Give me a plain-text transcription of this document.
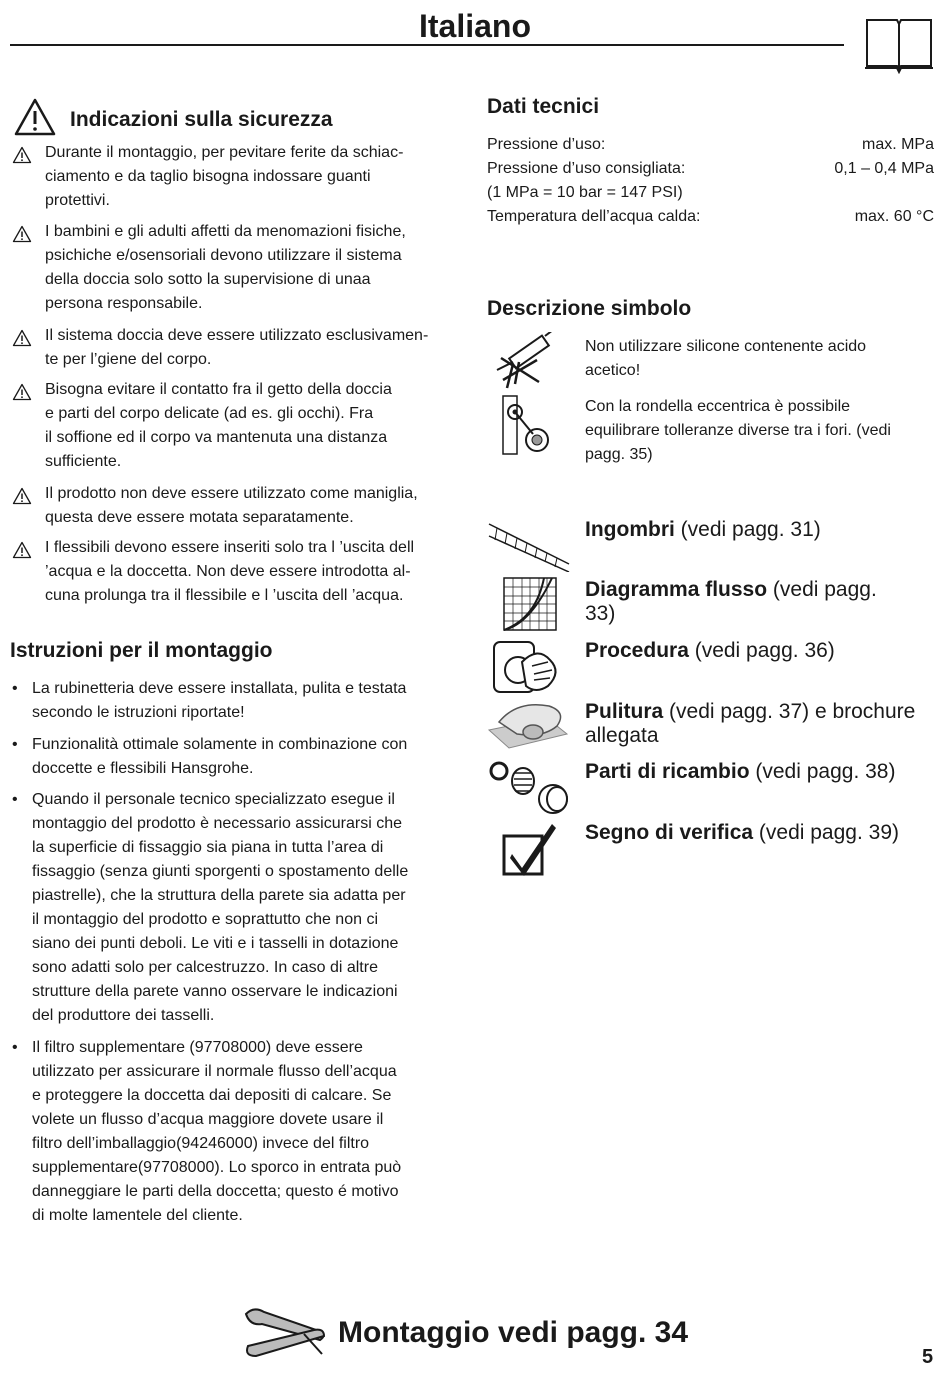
Italiano
Indicazioni sulla sicurezza
Durante il montaggio, per pevitare ferite da schiac-
ciamento e da taglio bisogna indossare guanti
protettivi.
I bambini e gli adulti affetti da menomazioni fisiche,
psichiche e/osensoriali devono utilizzare il sistema
della doccia solo sotto la supervisione di unaa
persona responsabile.
Il sistema doccia deve essere utilizzato esclusivamen-
te per l’giene del corpo.
Bisogna evitare il contatto fra il getto della doccia
e parti del corpo delicate (ad es. gli occhi). Fra
il soffione ed il corpo va mantenuta una distanza
sufficiente.
Il prodotto non deve essere utilizzato come maniglia,
questa deve essere motata separatamente.
I flessibili devono essere inseriti solo tra l ’uscita dell
’acqua e la doccetta. Non deve essere introdotta al-
cuna prolunga tra il flessibile e l ’uscita dell ’acqua.
Istruzioni per il montaggio
• La rubinetteria deve essere installata, pulita e testata
secondo le istruzioni riportate!
• Funzionalità ottimale solamente in combinazione con
doccette e flessibili Hansgrohe.
• Quando il personale tecnico specializzato esegue il
montaggio del prodotto è necessario assicurarsi che
la superficie di fissaggio sia piana in tutta l’area di
fissaggio (senza giunti sporgenti o spostamento delle
piastrelle), che la struttura della parete sia adatta per
il montaggio del prodotto e soprattutto che non ci
siano dei punti deboli. Le viti e i tasselli in dotazione
sono adatti solo per calcestruzzo. In caso di altre
strutture della parete vanno osservare le indicazioni
del produttore dei tasselli.
• Il filtro supplementare (97708000) deve essere
utilizzato per assicurare il normale flusso dell’acqua
e proteggere la doccetta dai depositi di calcare. Se
volete un flusso d’acqua maggiore dovete usare il
filtro dell’imballaggio(94246000) invece del filtro
supplementare(97708000). Lo sporco in entrata può
danneggiare le parti della doccetta; questo é motivo
di molte lamentele del cliente.
Dati tecnici
Pressione d’uso:	max. MPa
Pressione d’uso consigliata:	0,1 – 0,4 MPa
(1 MPa = 10 bar = 147 PSI)
Temperatura dell’acqua calda:	max. 60 °C
Descrizione simbolo
Non utilizzare silicone contenente acido
acetico!
Con la rondella eccentrica è possibile
equilibrare tolleranze diverse tra i fori. (vedi
pagg. 35)
Ingombri (vedi pagg. 31)
Diagramma flusso (vedi pagg.
33)
Procedura (vedi pagg. 36)
Pulitura (vedi pagg. 37) e brochure
allegata
Parti di ricambio (vedi pagg. 38)
Segno di verifica (vedi pagg. 39)
Montaggio vedi pagg. 34
5
